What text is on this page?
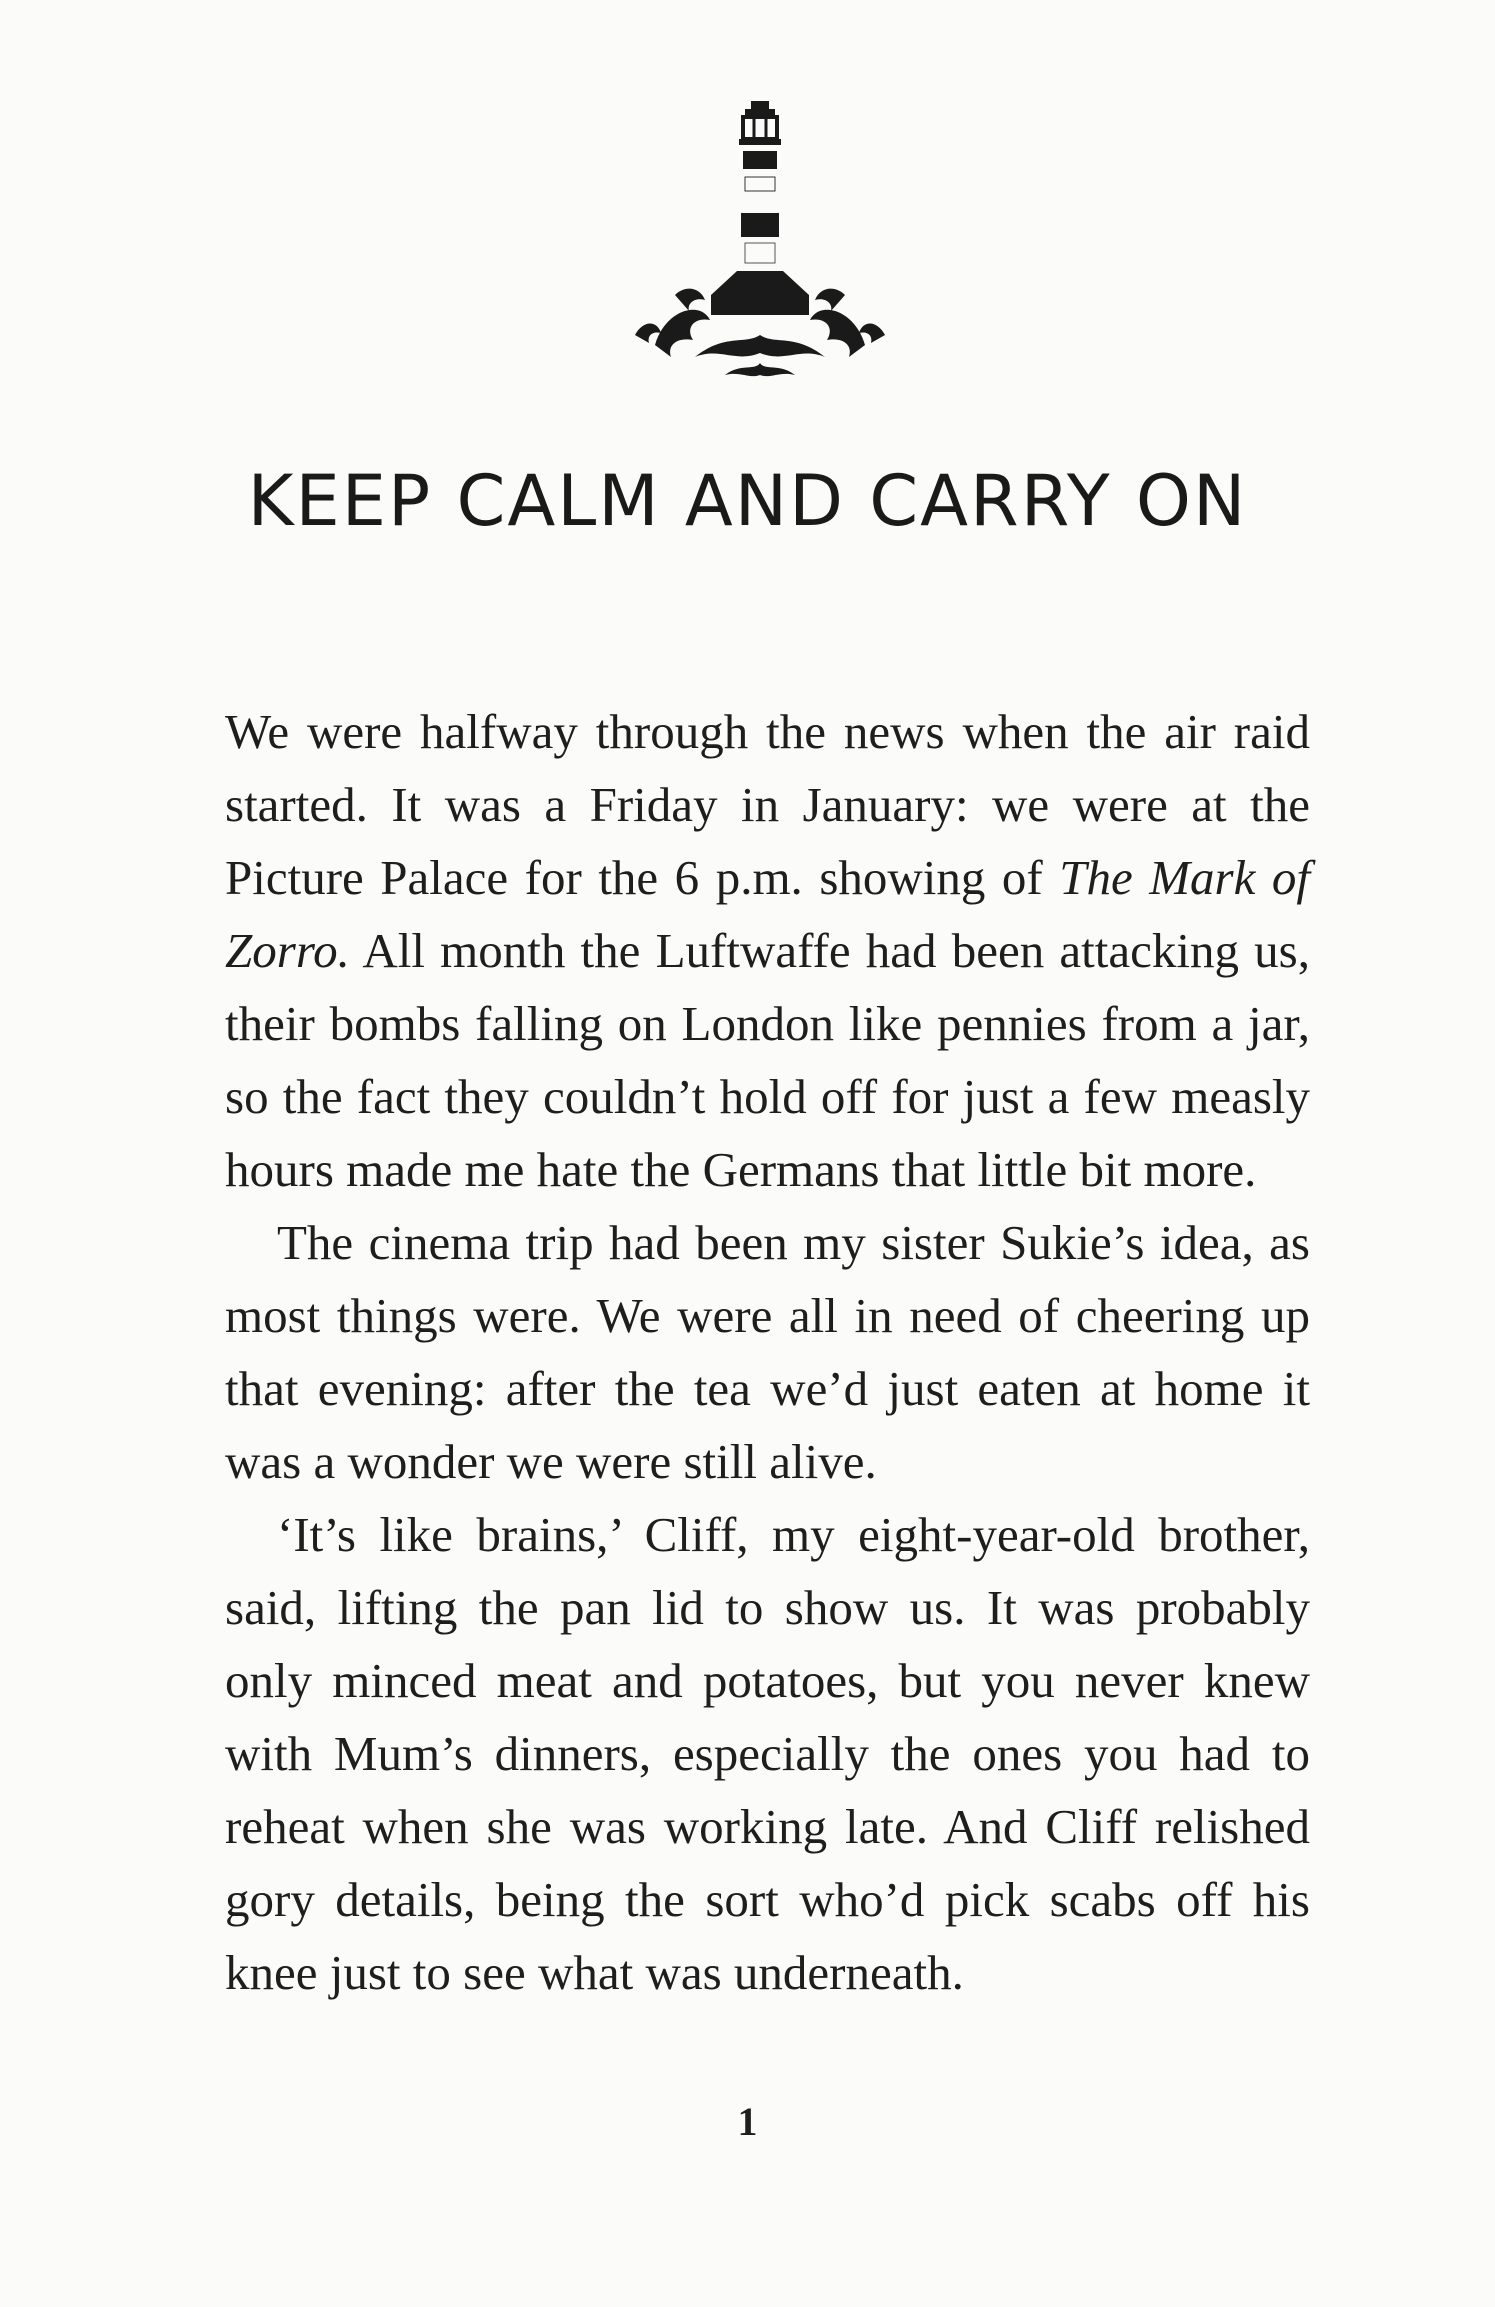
KEEP CALM AND CARRY ON

We were halfway through the news when the air raid started. It was a Friday in January: we were at the Picture Palace for the 6 p.m. showing of The Mark of Zorro. All month the Luftwaffe had been attacking us, their bombs falling on London like pennies from a jar, so the fact they couldn’t hold off for just a few measly hours made me hate the Germans that little bit more.

The cinema trip had been my sister Sukie’s idea, as most things were. We were all in need of cheering up that evening: after the tea we’d just eaten at home it was a wonder we were still alive.

‘It’s like brains,’ Cliff, my eight-year-old brother, said, lifting the pan lid to show us. It was probably only minced meat and potatoes, but you never knew with Mum’s dinners, especially the ones you had to reheat when she was working late. And Cliff relished gory details, being the sort who’d pick scabs off his knee just to see what was underneath.

1
